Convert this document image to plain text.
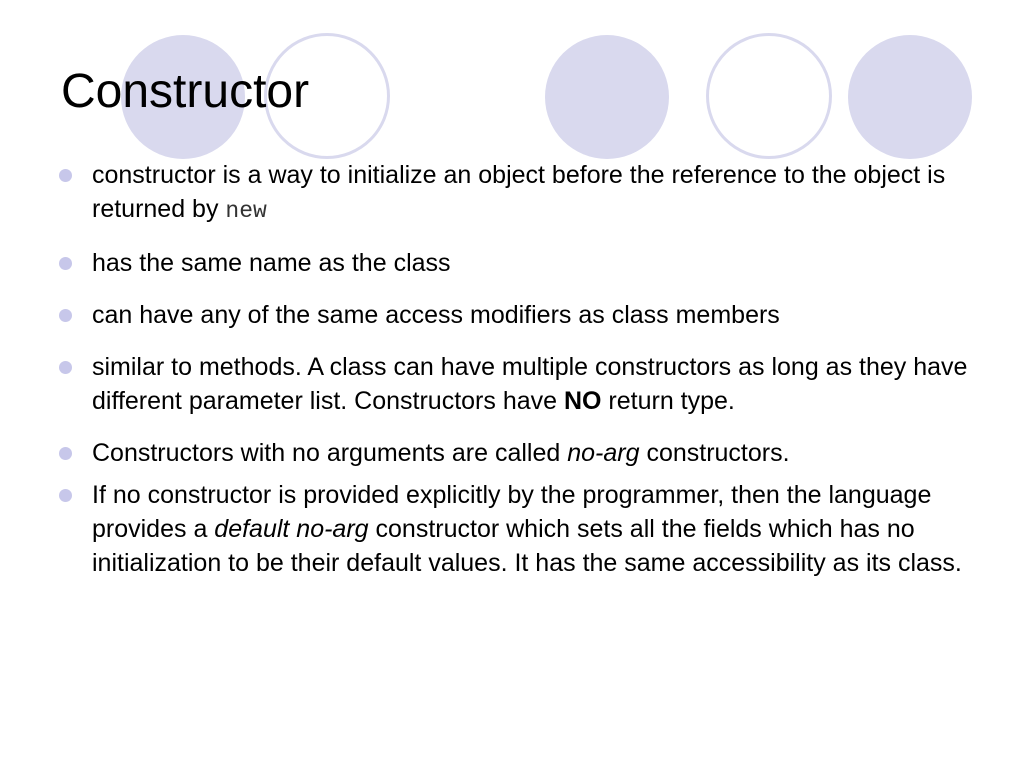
Constructor
constructor is a way to initialize an object before the reference to the object is returned by new
has the same name as the class
can have any of the same access modifiers as class members
similar to methods. A class can have multiple constructors as long as they have different parameter list. Constructors have NO return type.
Constructors with no arguments are called no-arg constructors.
If no constructor is provided explicitly by the programmer, then the language provides a default no-arg constructor which sets all the fields which has no initialization to be their default values. It has the same accessibility as its class.
